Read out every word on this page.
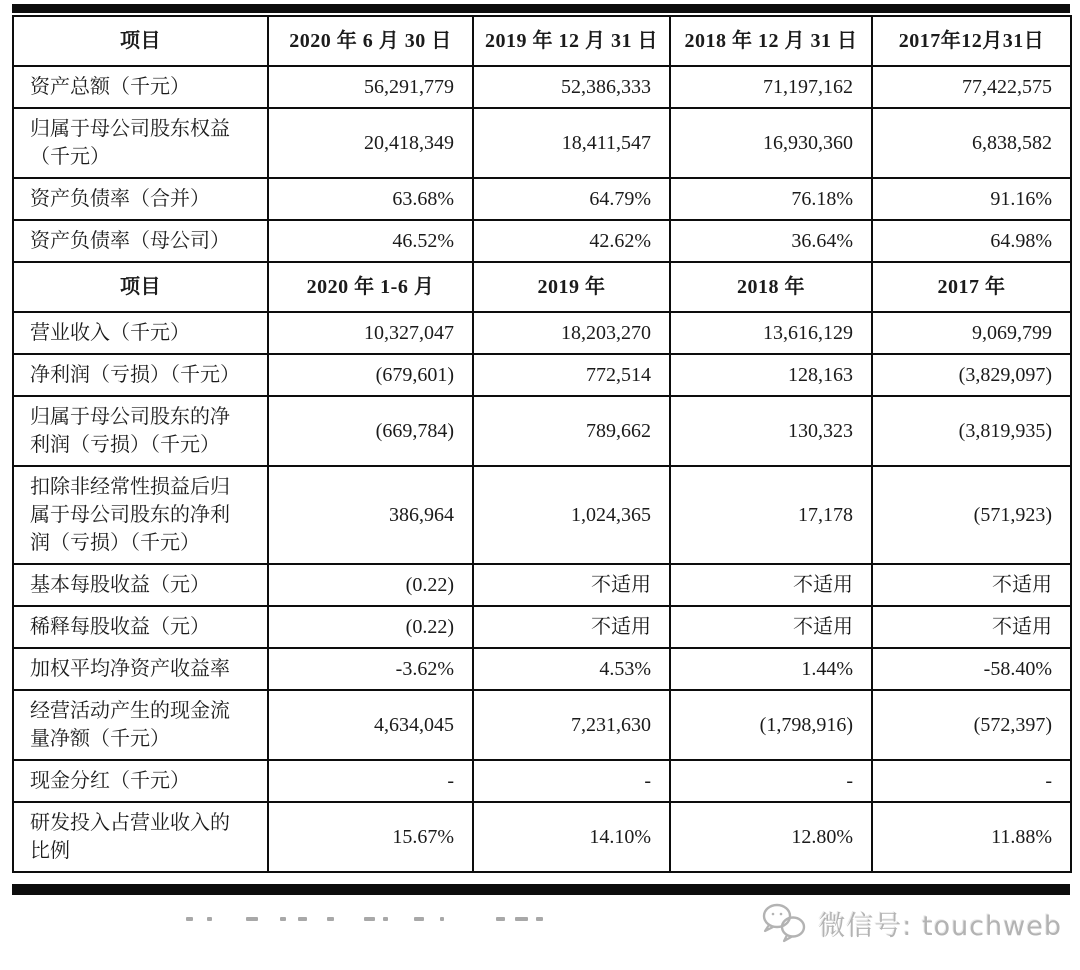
项目	2020 年 6 月 30 日	2019 年 12 月 31 日	2018 年 12 月 31 日	2017年12月31日
资产总额（千元）	56,291,779	52,386,333	71,197,162	77,422,575
归属于母公司股东权益（千元）	20,418,349	18,411,547	16,930,360	6,838,582
资产负债率（合并）	63.68%	64.79%	76.18%	91.16%
资产负债率（母公司）	46.52%	42.62%	36.64%	64.98%
项目	2020 年 1-6 月	2019 年	2018 年	2017 年
营业收入（千元）	10,327,047	18,203,270	13,616,129	9,069,799
净利润（亏损）（千元）	(679,601)	772,514	128,163	(3,829,097)
归属于母公司股东的净利润（亏损）（千元）	(669,784)	789,662	130,323	(3,819,935)
扣除非经常性损益后归属于母公司股东的净利润（亏损）（千元）	386,964	1,024,365	17,178	(571,923)
基本每股收益（元）	(0.22)	不适用	不适用	不适用
稀释每股收益（元）	(0.22)	不适用	不适用	不适用
加权平均净资产收益率	-3.62%	4.53%	1.44%	-58.40%
经营活动产生的现金流量净额（千元）	4,634,045	7,231,630	(1,798,916)	(572,397)
现金分红（千元）	-	-	-	-
研发投入占营业收入的比例	15.67%	14.10%	12.80%	11.88%
微信号: touchweb
